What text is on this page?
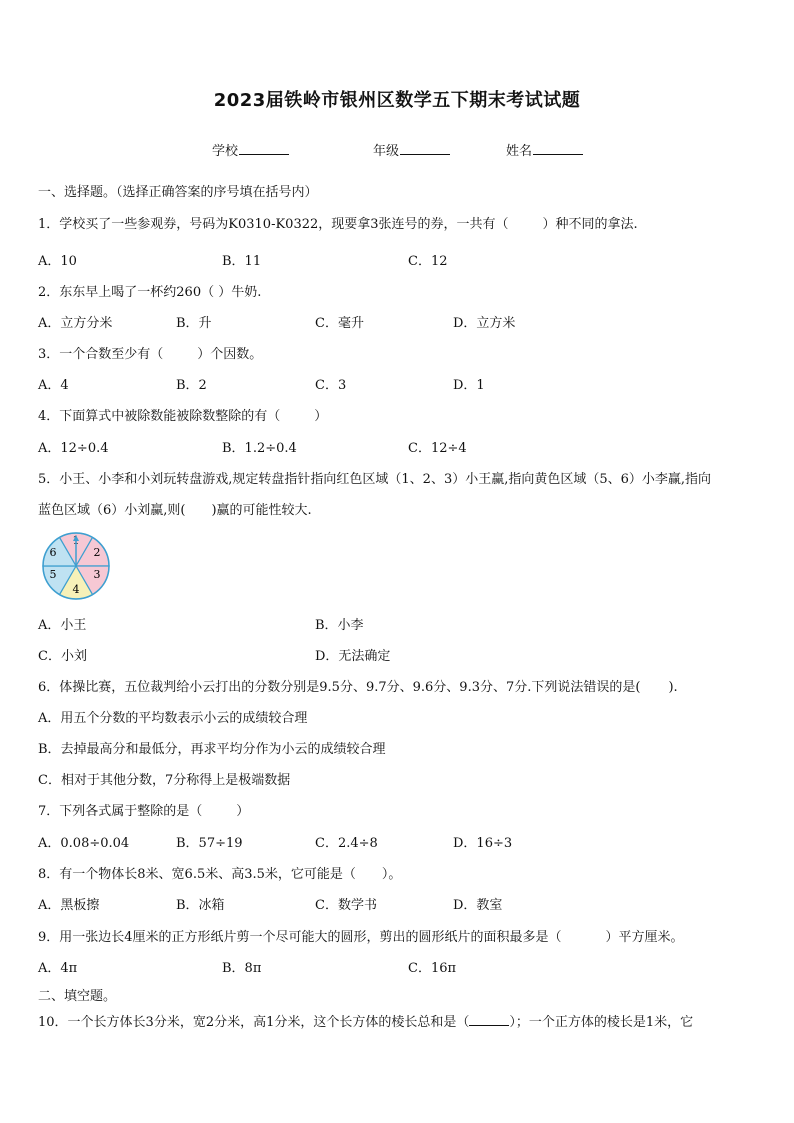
2023届铁岭市银州区数学五下期末考试试题
学校	年级	姓名
一、选择题。（选择正确答案的序号填在括号内）
1．学校买了一些参观券，号码为K0310-K0322，现要拿3张连号的券，一共有（	）种不同的拿法.
A．10	B．11	C．12
2．东东早上喝了一杯约260（ ）牛奶.
A．立方分米	B．升	C．毫升	D．立方米
3．一个合数至少有（	）个因数。
A．4	B．2	C．3	D．1
4．下面算式中被除数能被除数整除的有（	）
A．12÷0.4	B．1.2÷0.4	C．12÷4
5．小王、小李和小刘玩转盘游戏,规定转盘指针指向红色区域（1、2、3）小王赢,指向黄色区域（5、6）小李赢,指向
蓝色区域（6）小刘赢,则( )赢的可能性较大.
2
3
4
5
6
A．小王	B．小李
C．小刘	D．无法确定
6．体操比赛，五位裁判给小云打出的分数分别是9.5分、9.7分、9.6分、9.3分、7分.下列说法错误的是( ).
A．用五个分数的平均数表示小云的成绩较合理
B．去掉最高分和最低分，再求平均分作为小云的成绩较合理
C．相对于其他分数，7分称得上是极端数据
7．下列各式属于整除的是（	）
A．0.08÷0.04	B．57÷19	C．2.4÷8	D．16÷3
8．有一个物体长8米、宽6.5米、高3.5米，它可能是（　　）。
A．黑板擦	B．冰箱	C．数学书	D．教室
9．用一张边长4厘米的正方形纸片剪一个尽可能大的圆形，剪出的圆形纸片的面积最多是（	）平方厘米。
A．4π	B．8π	C．16π
二、填空题。
10．一个长方体长3分米，宽2分米，高1分米，这个长方体的棱长总和是（	）；一个正方体的棱长是1米，它
